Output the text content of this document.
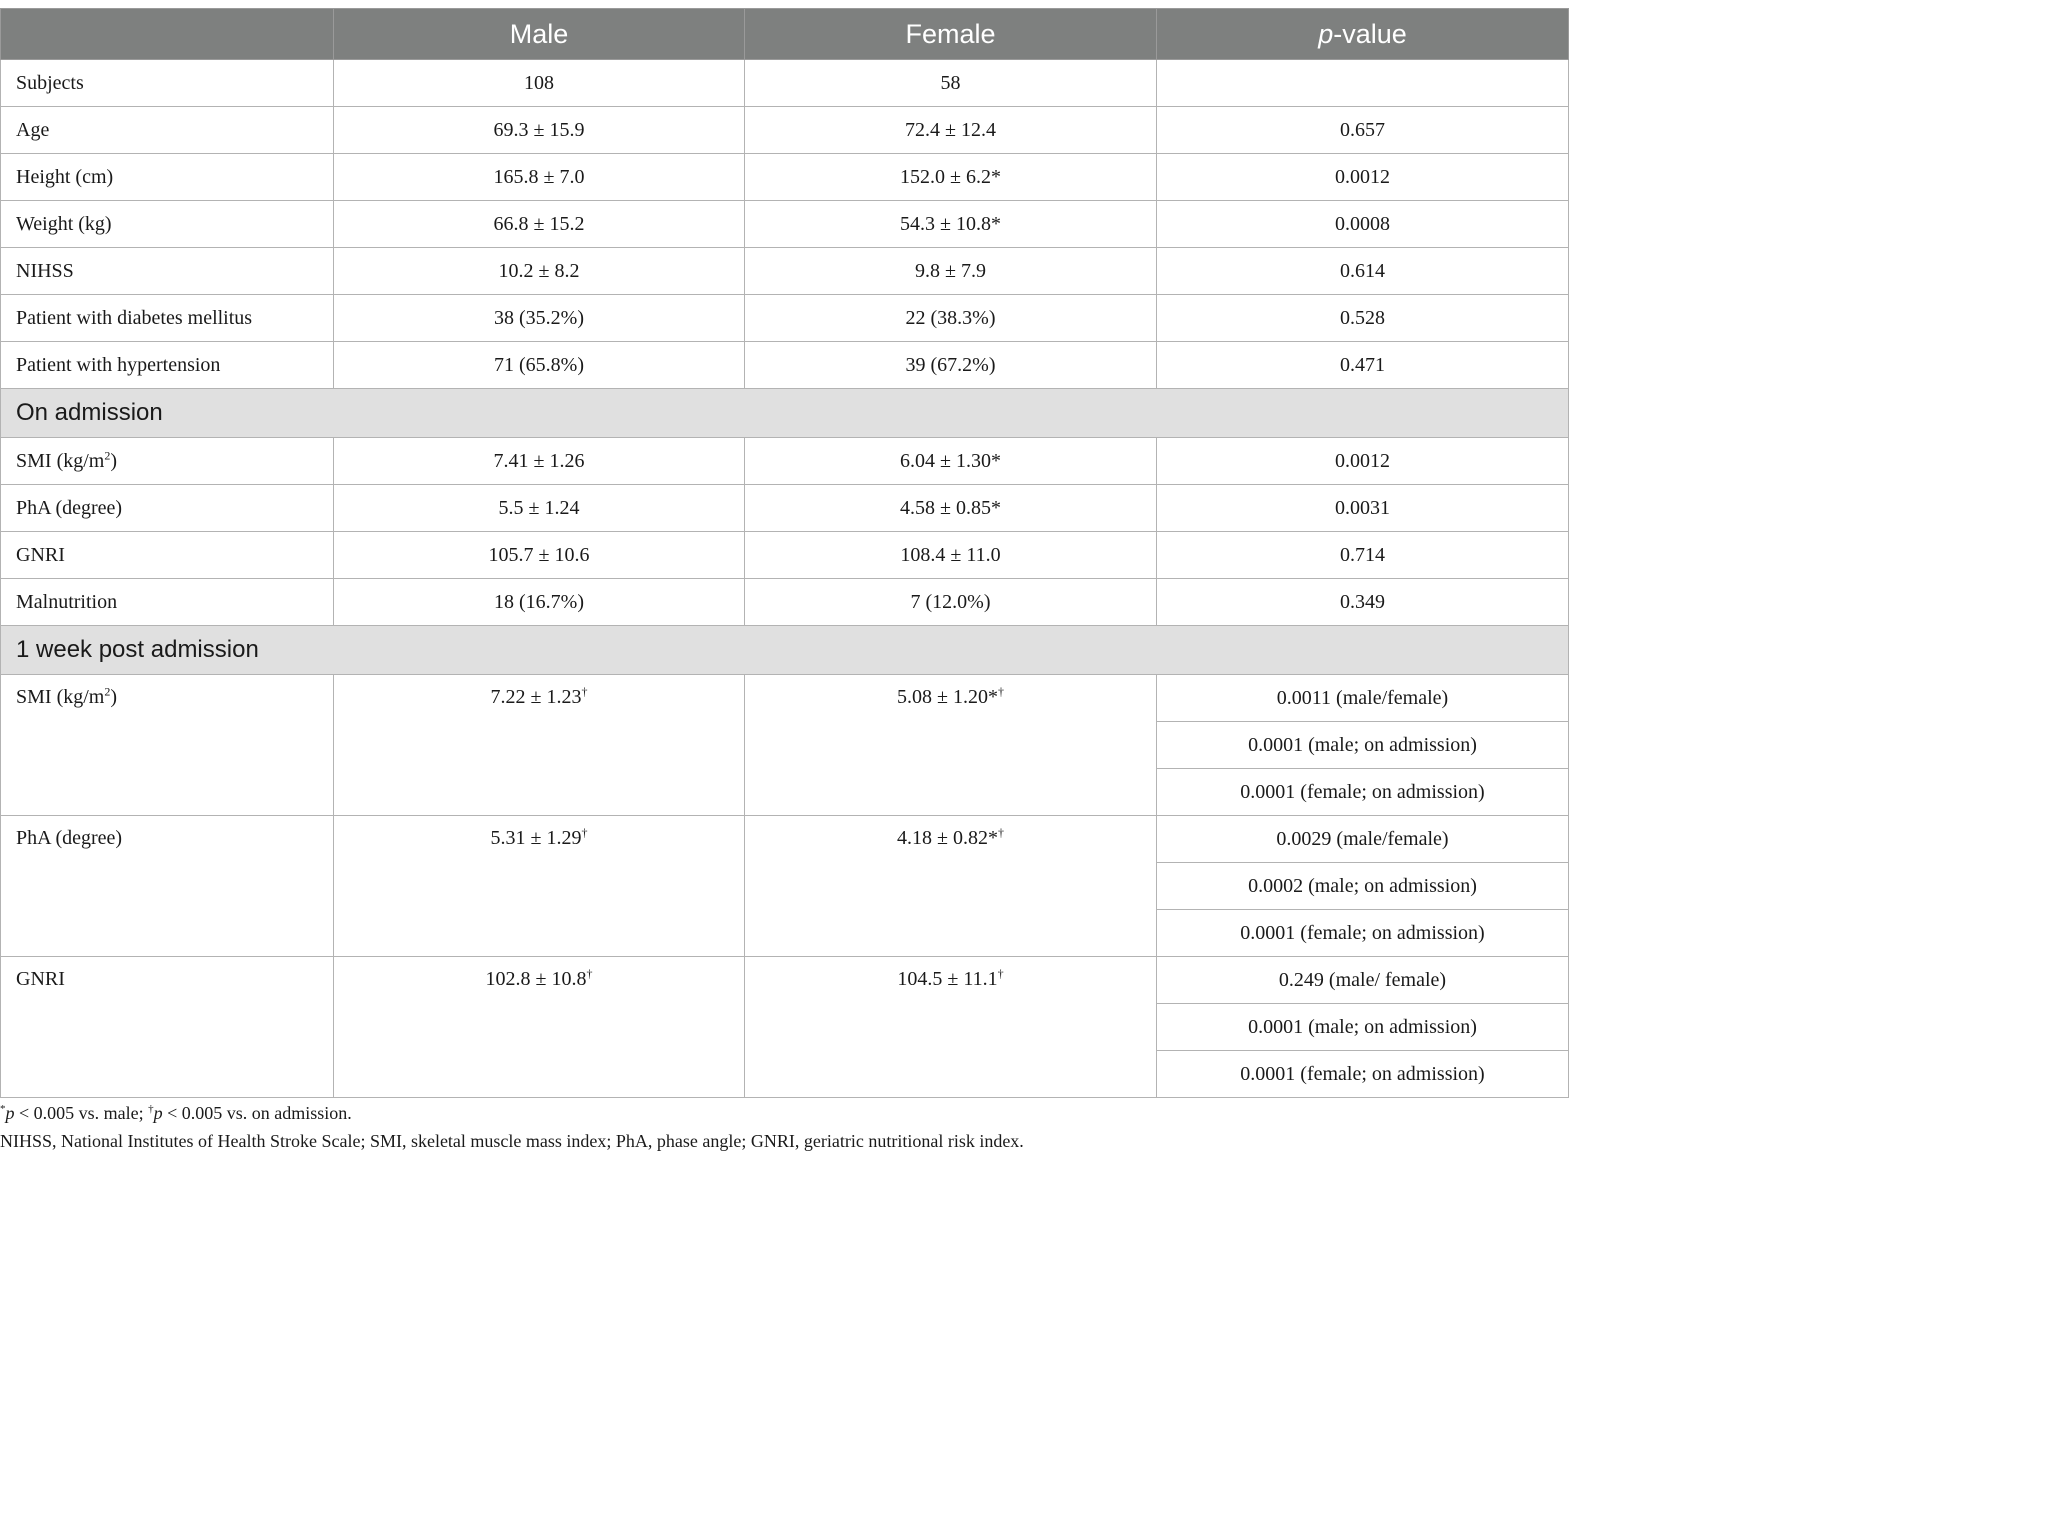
	Male	Female	p-value
Subjects	108	58	
Age	69.3 ± 15.9	72.4 ± 12.4	0.657
Height (cm)	165.8 ± 7.0	152.0 ± 6.2*	0.0012
Weight (kg)	66.8 ± 15.2	54.3 ± 10.8*	0.0008
NIHSS	10.2 ± 8.2	9.8 ± 7.9	0.614
Patient with diabetes mellitus	38 (35.2%)	22 (38.3%)	0.528
Patient with hypertension	71 (65.8%)	39 (67.2%)	0.471
On admission			
SMI $(kg/m^2)$	7.41 ± 1.26	6.04 ± 1.30*	0.0012
PhA (degree)	5.5 ± 1.24	4.58 ± 0.85*	0.0031
GNRI	105.7 ± 10.6	108.4 ± 11.0	0.714
Malnutrition	18 (16.7%)	7 (12.0%)	0.349
1 week post admission			
SMI $(kg/m^2)$	7.22 ± 1.23†	5.08 ± 1.20*†	0.0011 (male/female)
			0.0001 (male; on admission)
			0.0001 (female; on admission)
PhA (degree)	5.31 ± 1.29†	4.18 ± 0.82*†	0.0029 (male/female)
			0.0002 (male; on admission)
			0.0001 (female; on admission)
GNRI	102.8 ± 10.8†	104.5 ± 11.1†	0.249 (male/ female)
			0.0001 (male; on admission)
			0.0001 (female; on admission)
*p < 0.005 vs. male; †p < 0.005 vs. on admission.
NIHSS, National Institutes of Health Stroke Scale; SMI, skeletal muscle mass index; PhA, phase angle; GNRI, geriatric nutritional risk index.
